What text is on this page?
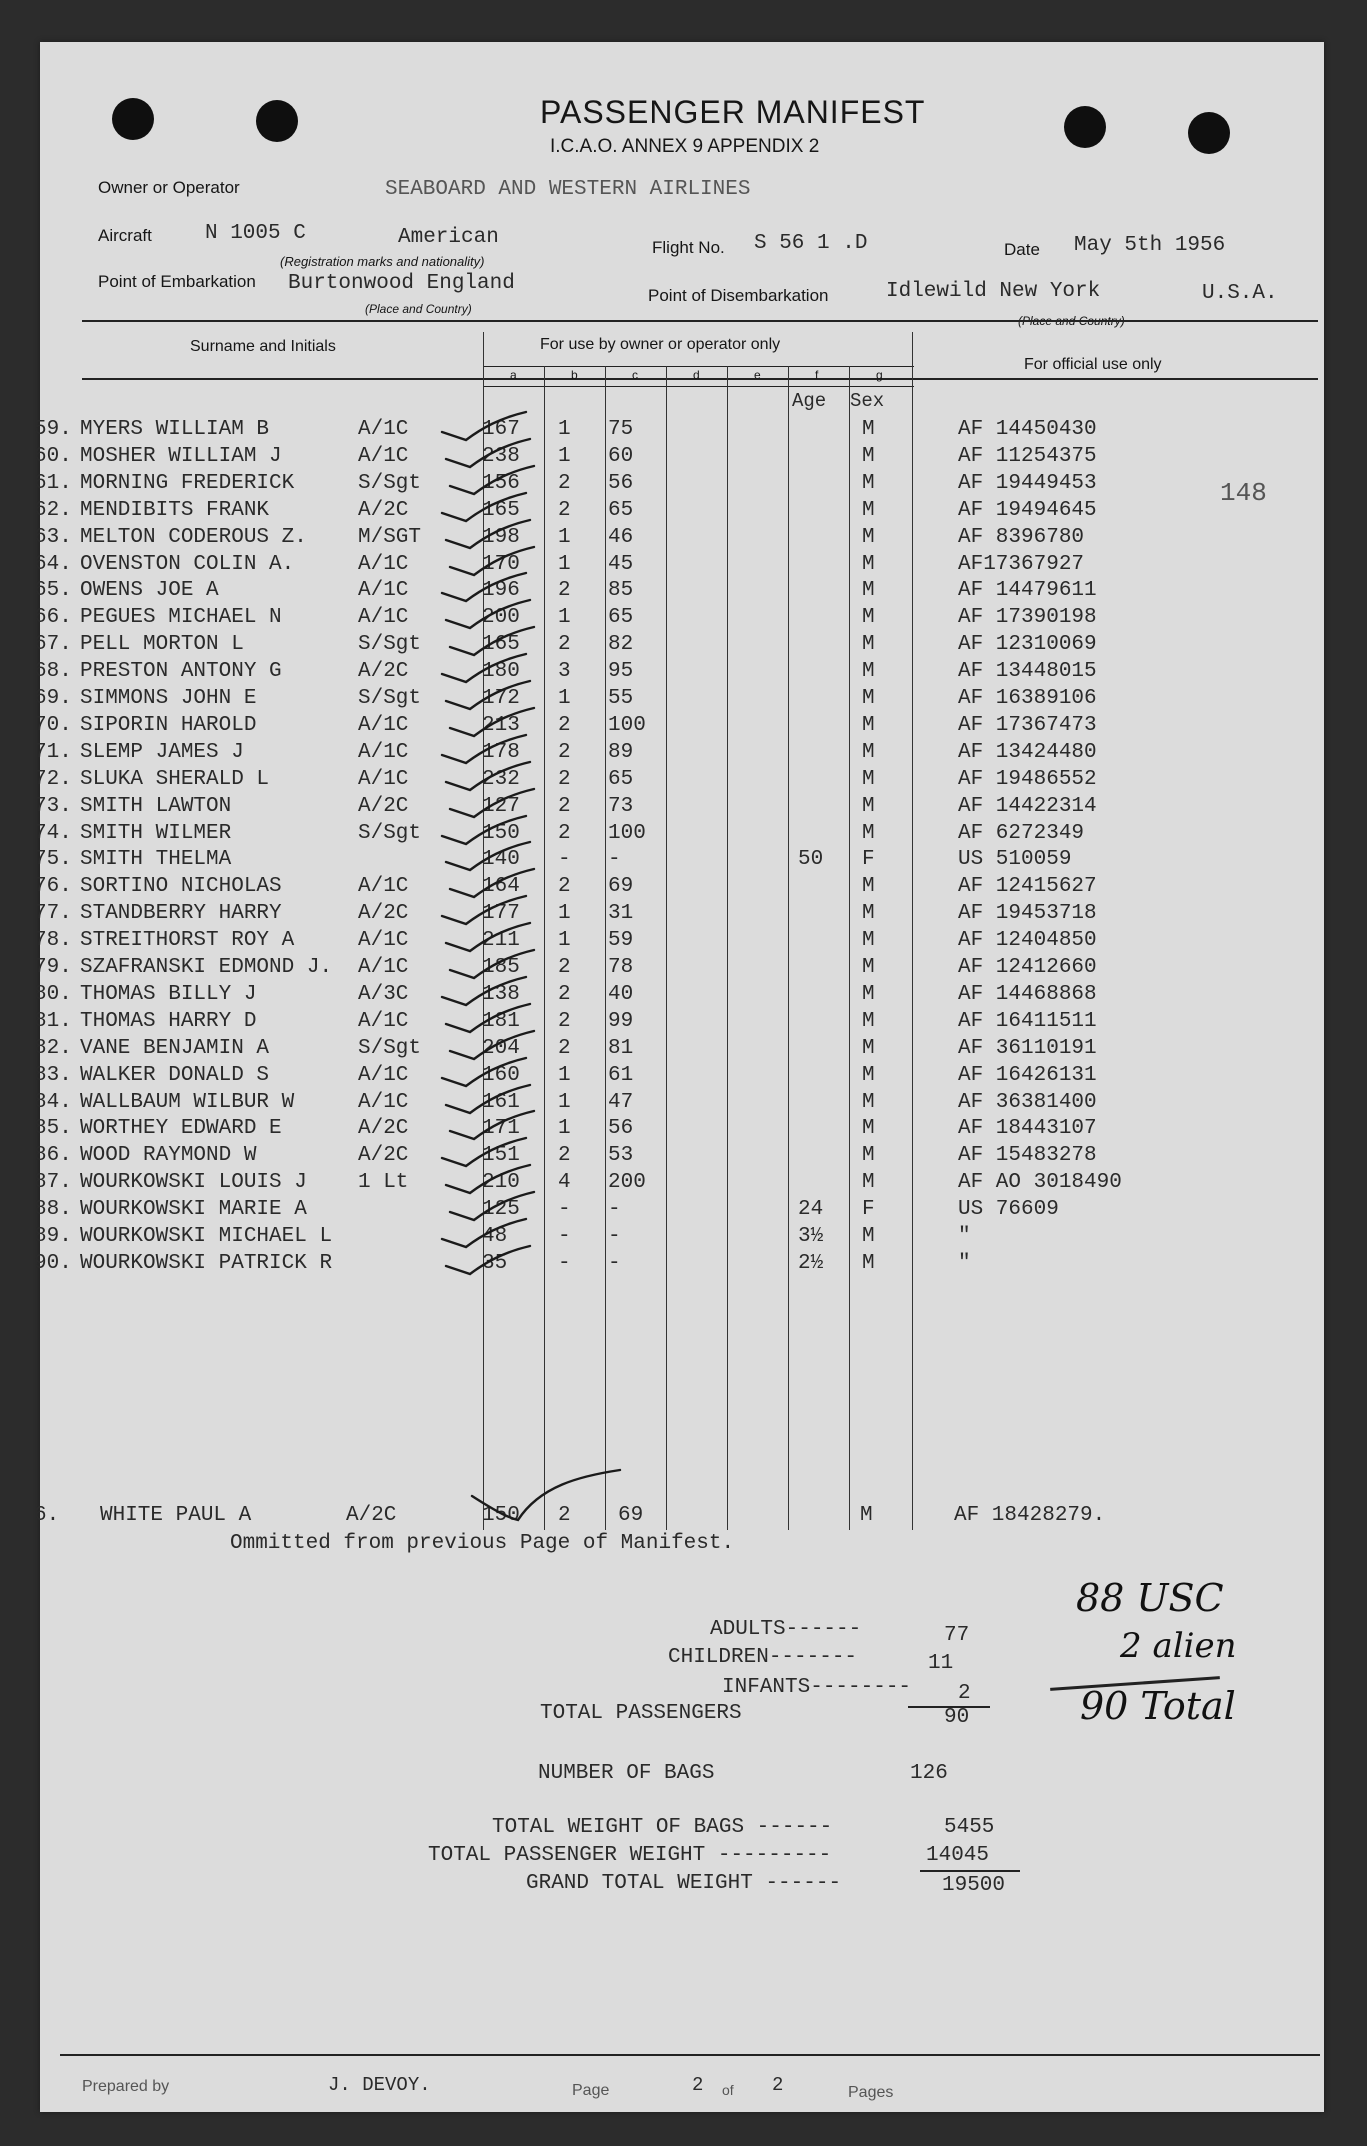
PASSENGER MANIFEST
I.C.A.O. ANNEX 9 APPENDIX 2
Owner or Operator	SEABOARD AND WESTERN AIRLINES
Aircraft	N 1005 C	American
(Registration marks and nationality)
Flight No. S 56 1 .D	Date May 5th 1956
Point of Embarkation Burtonwood England
(Place and Country)
Point of Disembarkation	Idlewild New York	U.S.A.
(Place and Country)
Surname and Initials	For use by owner or operator only
For official use only
a	b	c	d	e	f	g
Age Sex
148
59. MYERS WILLIAM B	A/1C	167 1 75	M	AF 14450430
60. MOSHER WILLIAM J	A/1C	238 1 60	M	AF 11254375
61. MORNING FREDERICK	S/Sgt	156 2 56	M	AF 19449453
62. MENDIBITS FRANK	A/2C	165 2 65	M	AF 19494645
63. MELTON CODEROUS Z. M/SGT	198 1 46	M	AF 8396780
64. OVENSTON COLIN A.	A/1C	170 1 45	M	AF17367927
65. OWENS JOE A	A/1C	196 2 85	M	AF 14479611
66. PEGUES MICHAEL N	A/1C	200 1 65	M	AF 17390198
67. PELL MORTON L	S/Sgt	165 2 82	M	AF 12310069
68. PRESTON ANTONY G	A/2C	180 3 95	M	AF 13448015
69. SIMMONS JOHN E	S/Sgt	172 1 55	M	AF 16389106
70. SIPORIN HAROLD	A/1C	213 2 100	M	AF 17367473
71. SLEMP JAMES J	A/1C	178 2 89	M	AF 13424480
72. SLUKA SHERALD L	A/1C	232 2 65	M	AF 19486552
73. SMITH LAWTON	A/2C	127 2 73	M	AF 14422314
74. SMITH WILMER	S/Sgt	150 2 100	M	AF 6272349
75. SMITH THELMA	140 - -	50 F	US 510059
76. SORTINO NICHOLAS	A/1C	164 2 69	M	AF 12415627
77. STANDBERRY HARRY	A/2C	177 1 31	M	AF 19453718
78. STREITHORST ROY A	A/1C	211 1 59	M	AF 12404850
79. SZAFRANSKI EDMOND J. A/1C	185 2 78	M	AF 12412660
80. THOMAS BILLY J	A/3C	138 2 40	M	AF 14468868
81. THOMAS HARRY D	A/1C	181 2 99	M	AF 16411511
82. VANE BENJAMIN A	S/Sgt	204 2 81	M	AF 36110191
83. WALKER DONALD S	A/1C	160 1 61	M	AF 16426131
84. WALLBAUM WILBUR W	A/1C	161 1 47	M	AF 36381400
85. WORTHEY EDWARD E	A/2C	171 1 56	M	AF 18443107
86. WOOD RAYMOND W	A/2C	151 2 53	M	AF 15483278
87. WOURKOWSKI LOUIS J 1 Lt	210 4 200	M	AF AO 3018490
88. WOURKOWSKI MARIE A	125 - -	24 F	US 76609
89. WOURKOWSKI MICHAEL L	48 - -	3½ M	"
90. WOURKOWSKI PATRICK R	35 - -	2½ M	"
6. WHITE PAUL A	A/2C	150 2 69	M	AF 18428279.
Ommitted from previous Page of Manifest.
ADULTS------	77
CHILDREN-------	11
INFANTS-------- 2
TOTAL PASSENGERS	90
NUMBER OF BAGS	126
TOTAL WEIGHT OF BAGS ------	5455
TOTAL PASSENGER WEIGHT ---------	14045
GRAND TOTAL WEIGHT ------	19500
88 USC
2 alien
90 Total
Prepared by	J. DEVOY.	Page	2 of 2	Pages
